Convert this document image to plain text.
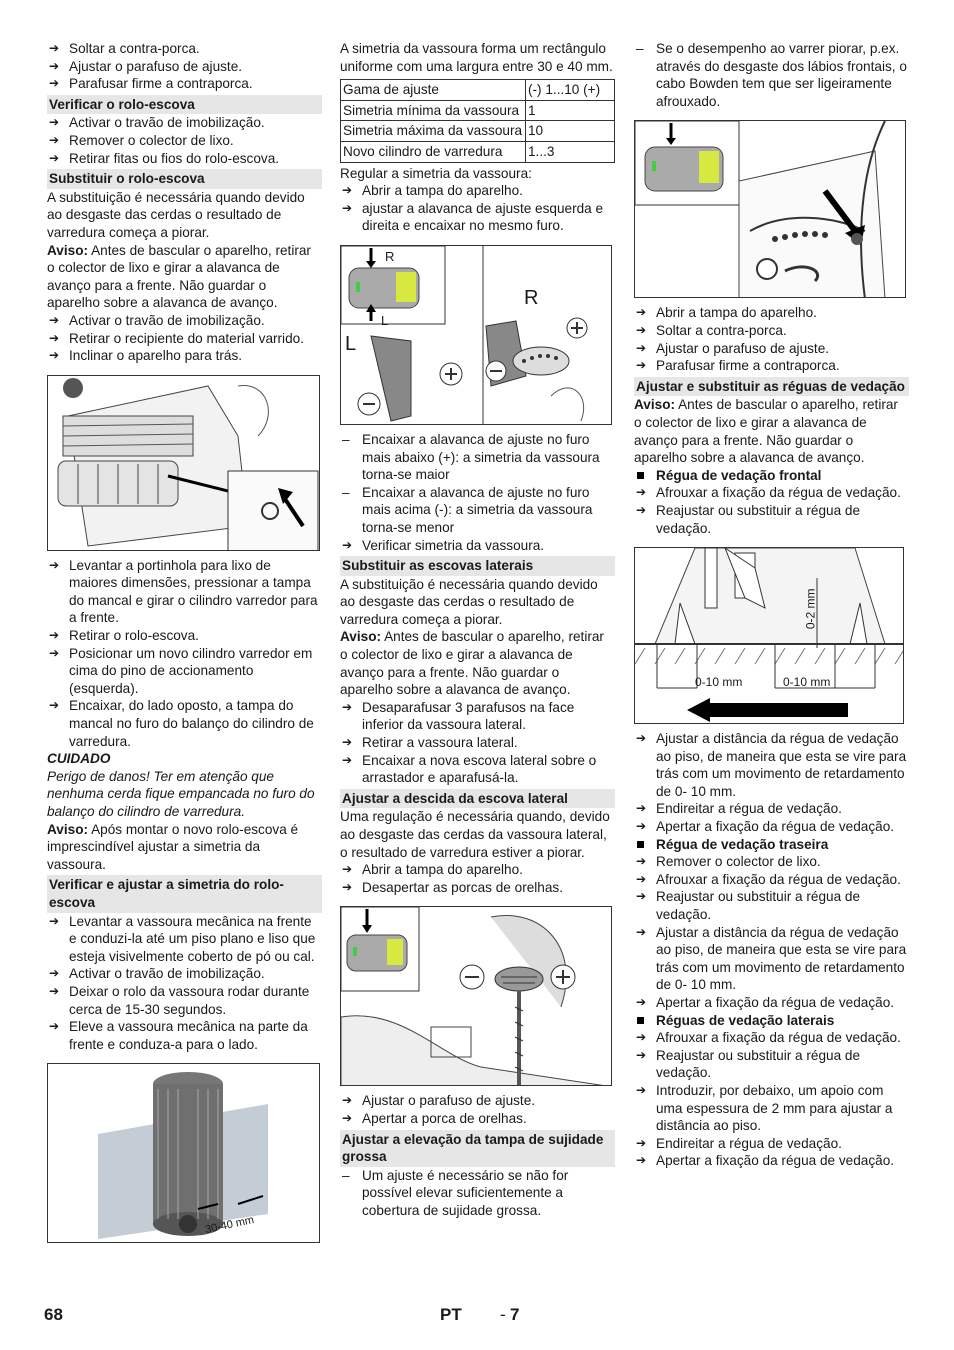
➔ Soltar a contra-porca.
➔ Ajustar o parafuso de ajuste.
➔ Parafusar firme a contraporca.
Verificar o rolo-escova
➔ Activar o travão de imobilização.
➔ Remover o colector de lixo.
➔ Retirar fitas ou fios do rolo-escova.
Substituir o rolo-escova
A substituição é necessária quando devido ao desgaste das cerdas o resultado de varredura começa a piorar.
Aviso: Antes de bascular o aparelho, retirar o colector de lixo e girar a alavanca de avanço para a frente. Não guardar o aparelho sobre a alavanca de avanço.
➔ Activar o travão de imobilização.
➔ Retirar o recipiente do material varrido.
➔ Inclinar o aparelho para trás.
➔ Levantar a portinhola para lixo de maiores dimensões, pressionar a tampa do mancal e girar o cilindro varredor para a frente.
➔ Retirar o rolo-escova.
➔ Posicionar um novo cilindro varredor em cima do pino de accionamento (esquerda).
➔ Encaixar, do lado oposto, a tampa do mancal no furo do balanço do cilindro de varredura.
CUIDADO
Perigo de danos! Ter em atenção que nenhuma cerda fique empancada no furo do balanço do cilindro de varredura.
Aviso: Após montar o novo rolo-escova é imprescindível ajustar a simetria da vassoura.
Verificar e ajustar a simetria do rolo-escova
➔ Levantar a vassoura mecânica na frente e conduzi-la até um piso plano e liso que esteja visivelmente coberto de pó ou cal.
➔ Activar o travão de imobilização.
➔ Deixar o rolo da vassoura rodar durante cerca de 15-30 segundos.
➔ Eleve a vassoura mecânica na parte da frente e conduza-a para o lado.
30-40 mm
A simetria da vassoura forma um rectângulo uniforme com uma largura entre 30 e 40 mm.
Gama de ajuste	(-) 1...10 (+)
Simetria mínima da vassoura	1
Simetria máxima da vassoura	10
Novo cilindro de varredura	1...3
Regular a simetria da vassoura:
➔ Abrir a tampa do aparelho.
➔ ajustar a alavanca de ajuste esquerda e direita e encaixar no mesmo furo.
R
L
L
R
– Encaixar a alavanca de ajuste no furo mais abaixo (+): a simetria da vassoura torna-se maior
– Encaixar a alavanca de ajuste no furo mais acima (-): a simetria da vassoura torna-se menor
➔ Verificar simetria da vassoura.
Substituir as escovas laterais
A substituição é necessária quando devido ao desgaste das cerdas o resultado de varredura começa a piorar.
Aviso: Antes de bascular o aparelho, retirar o colector de lixo e girar a alavanca de avanço para a frente. Não guardar o aparelho sobre a alavanca de avanço.
➔ Desaparafusar 3 parafusos na face inferior da vassoura lateral.
➔ Retirar a vassoura lateral.
➔ Encaixar a nova escova lateral sobre o arrastador e aparafusá-la.
Ajustar a descida da escova lateral
Uma regulação é necessária quando, devido ao desgaste das cerdas da vassoura lateral, o resultado de varredura estiver a piorar.
➔ Abrir a tampa do aparelho.
➔ Desapertar as porcas de orelhas.
➔ Ajustar o parafuso de ajuste.
➔ Apertar a porca de orelhas.
Ajustar a elevação da tampa de sujidade grossa
– Um ajuste é necessário se não for possível elevar suficientemente a cobertura de sujidade grossa.
– Se o desempenho ao varrer piorar, p.ex. através do desgaste dos lábios frontais, o cabo Bowden tem que ser ligeiramente afrouxado.
➔ Abrir a tampa do aparelho.
➔ Soltar a contra-porca.
➔ Ajustar o parafuso de ajuste.
➔ Parafusar firme a contraporca.
Ajustar e substituir as réguas de vedação
Aviso: Antes de bascular o aparelho, retirar o colector de lixo e girar a alavanca de avanço para a frente. Não guardar o aparelho sobre a alavanca de avanço.
Régua de vedação frontal
➔ Afrouxar a fixação da régua de vedação.
➔ Reajustar ou substituir a régua de vedação.
0-10 mm	0-10 mm
0-2 mm
➔ Ajustar a distância da régua de vedação ao piso, de maneira que esta se vire para trás com um movimento de retardamento de 0- 10 mm.
➔ Endireitar a régua de vedação.
➔ Apertar a fixação da régua de vedação.
Régua de vedação traseira
➔ Remover o colector de lixo.
➔ Afrouxar a fixação da régua de vedação.
➔ Reajustar ou substituir a régua de vedação.
➔ Ajustar a distância da régua de vedação ao piso, de maneira que esta se vire para trás com um movimento de retardamento de 0- 10 mm.
➔ Apertar a fixação da régua de vedação.
Réguas de vedação laterais
➔ Afrouxar a fixação da régua de vedação.
➔ Reajustar ou substituir a régua de vedação.
➔ Introduzir, por debaixo, um apoio com uma espessura de 2 mm para ajustar a distância ao piso.
➔ Endireitar a régua de vedação.
➔ Apertar a fixação da régua de vedação.
68	PT - 7
